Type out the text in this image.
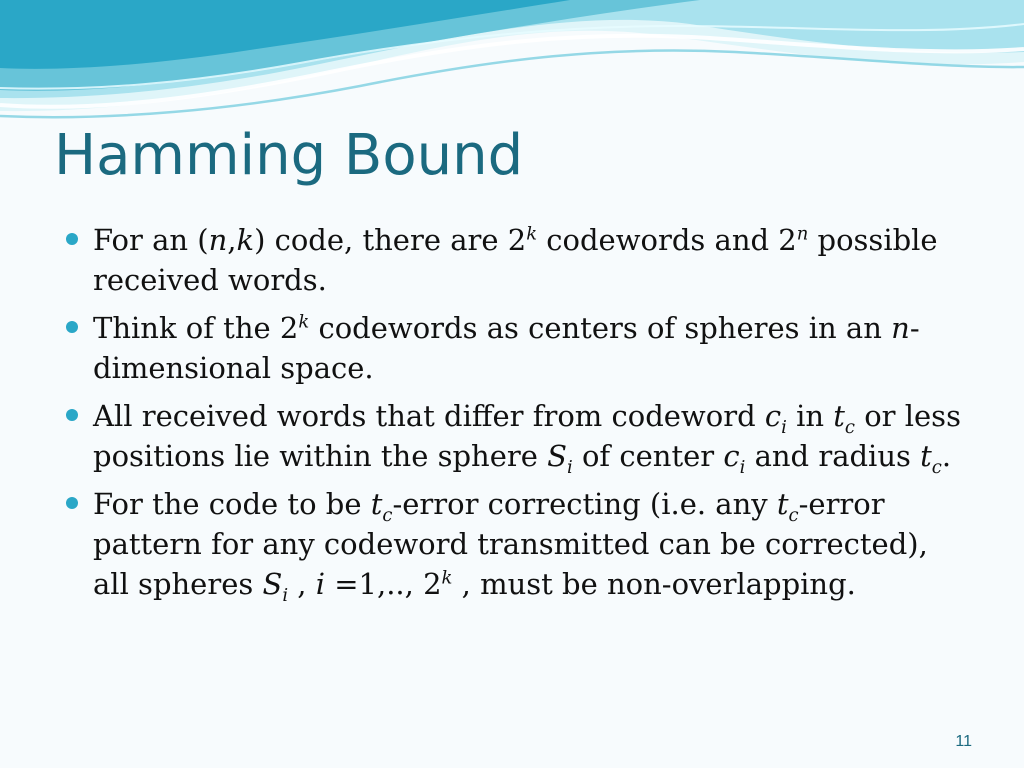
Hamming Bound
For an (n,k) code, there are 2$^k$ codewords and 2$^n$ possible received words.
Think of the 2$^k$ codewords as centers of spheres in an n-dimensional space.
All received words that differ from codeword $c_i$ in $t_c$ or less positions lie within the sphere $S_i$ of center $c_i$ and radius $t_c$.
For the code to be $t_c$-error correcting (i.e. any $t_c$-error pattern for any codeword transmitted can be corrected), all spheres $S_i$ , i =1,.., 2$^k$ , must be non-overlapping.
11
